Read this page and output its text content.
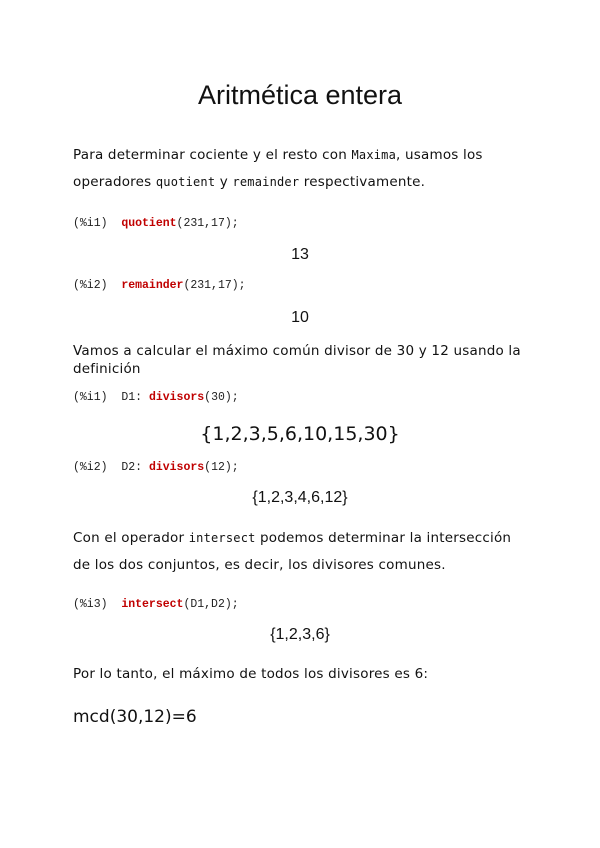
Aritmética entera
Para determinar cociente y el resto con Maxima, usamos los
operadores quotient y remainder respectivamente.
(%i1) quotient(231,17);
13
(%i2) remainder(231,17);
10
Vamos a calcular el máximo común divisor de 30 y 12 usando la
definición
(%i1) D1: divisors(30);
{1,2,3,5,6,10,15,30}
(%i2) D2: divisors(12);
{1,2,3,4,6,12}
Con el operador intersect podemos determinar la intersección
de los dos conjuntos, es decir, los divisores comunes.
(%i3) intersect(D1,D2);
{1,2,3,6}
Por lo tanto, el máximo de todos los divisores es 6:
mcd(30,12)=6
